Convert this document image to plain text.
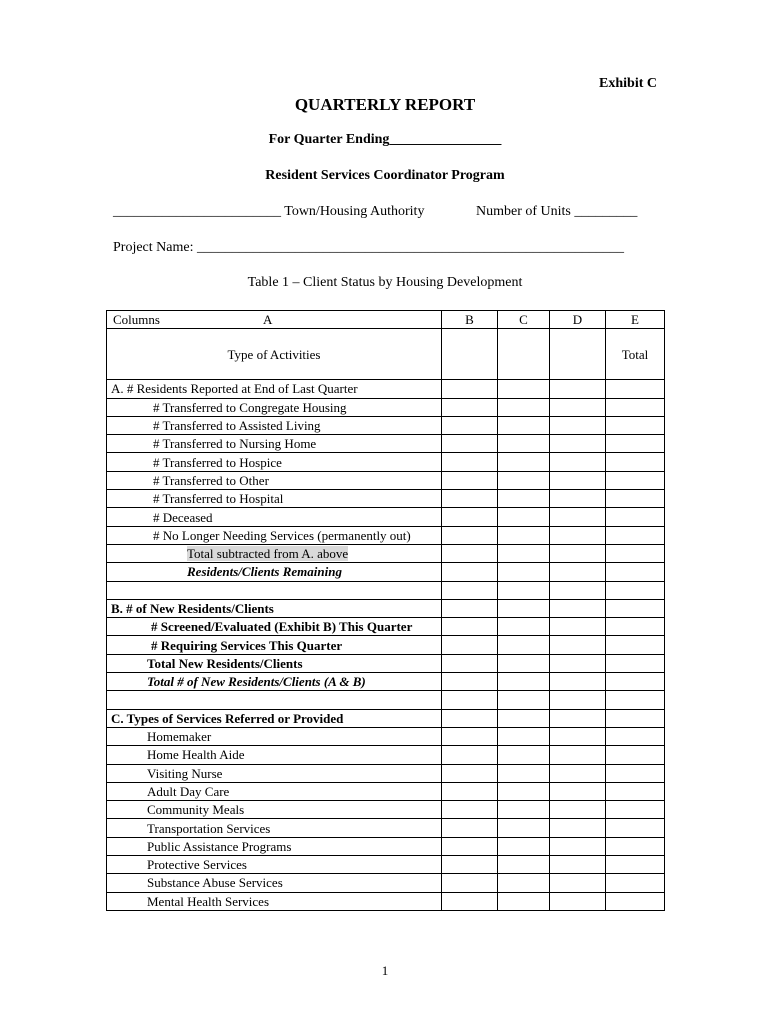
Exhibit C
QUARTERLY REPORT
For Quarter Ending________________
Resident Services Coordinator Program
________________________ Town/Housing Authority	Number of Units _________
Project Name: _____________________________________________________________
Table 1 – Client Status by Housing Development
Columns A	B	C	D	E
Type of Activities				Total
A. # Residents Reported at End of Last Quarter				
# Transferred to Congregate Housing				
# Transferred to Assisted Living				
# Transferred to Nursing Home				
# Transferred to Hospice				
# Transferred to Other				
# Transferred to Hospital				
# Deceased				
# No Longer Needing Services (permanently out)				
Total subtracted from A. above				
Residents/Clients Remaining				

B. # of New Residents/Clients				
# Screened/Evaluated (Exhibit B) This Quarter				
# Requiring Services This Quarter				
Total New Residents/Clients				
Total # of New Residents/Clients (A & B)				

C. Types of Services Referred or Provided				
Homemaker				
Home Health Aide				
Visiting Nurse				
Adult Day Care				
Community Meals				
Transportation Services				
Public Assistance Programs				
Protective Services				
Substance Abuse Services				
Mental Health Services				
1
